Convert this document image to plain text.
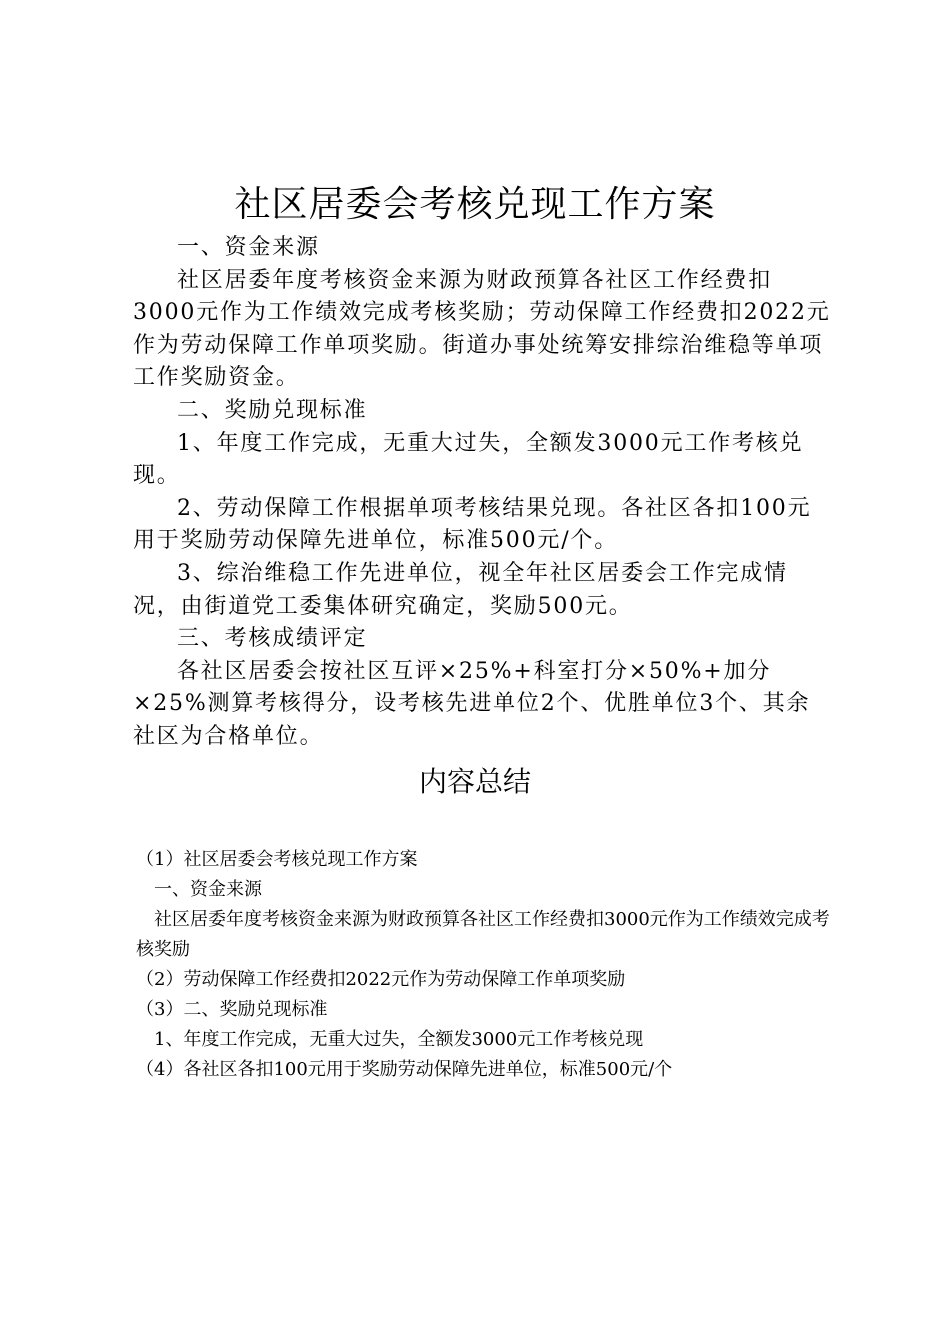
社区居委会考核兑现工作方案

一、资金来源

社区居委年度考核资金来源为财政预算各社区工作经费扣3000元作为工作绩效完成考核奖励；劳动保障工作经费扣2022元作为劳动保障工作单项奖励。街道办事处统筹安排综治维稳等单项工作奖励资金。

二、奖励兑现标准

1、年度工作完成，无重大过失，全额发3000元工作考核兑现。

2、劳动保障工作根据单项考核结果兑现。各社区各扣100元用于奖励劳动保障先进单位，标准500元/个。

3、综治维稳工作先进单位，视全年社区居委会工作完成情况，由街道党工委集体研究确定，奖励500元。

三、考核成绩评定

各社区居委会按社区互评×25%+科室打分×50%+加分×25%测算考核得分，设考核先进单位2个、优胜单位3个、其余社区为合格单位。

内容总结

（1）社区居委会考核兑现工作方案

一、资金来源

社区居委年度考核资金来源为财政预算各社区工作经费扣3000元作为工作绩效完成考核奖励

（2）劳动保障工作经费扣2022元作为劳动保障工作单项奖励

（3）二、奖励兑现标准

1、年度工作完成，无重大过失，全额发3000元工作考核兑现

（4）各社区各扣100元用于奖励劳动保障先进单位，标准500元/个
